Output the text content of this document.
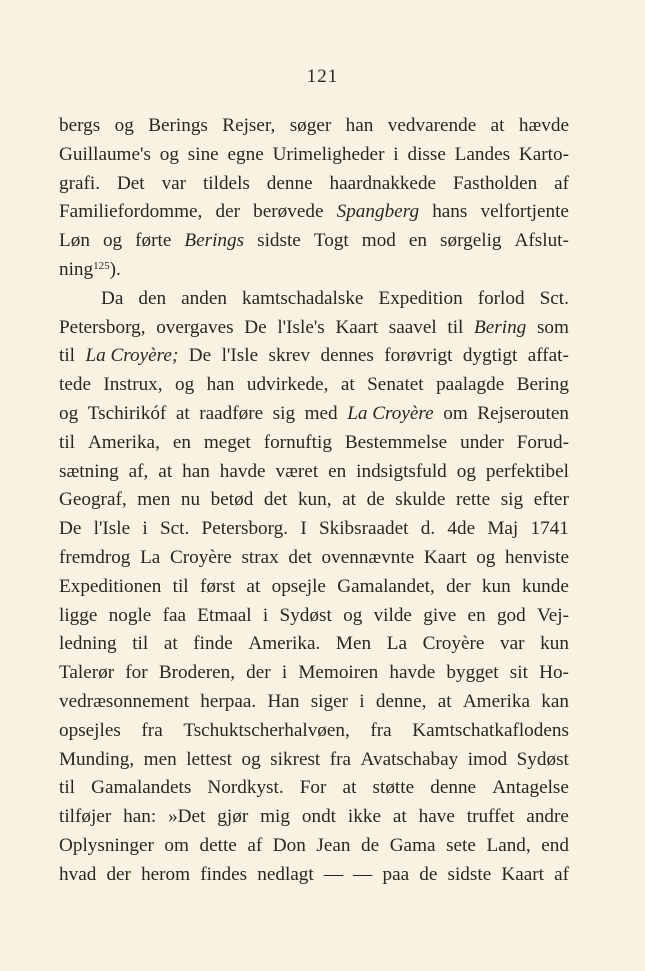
121
bergs og Berings Rejser, søger han vedvarende at hævde
Guillaume's og sine egne Urimeligheder i disse Landes Karto-
grafi. Det var tildels denne haardnakkede Fastholden af
Familiefordomme, der berøvede Spangberg hans velfortjente
Løn og førte Berings sidste Togt mod en sørgelig Afslut-
ning$^{125}$).
Da den anden kamtschadalske Expedition forlod Sct.
Petersborg, overgaves De l'Isle's Kaart saavel til Bering som
til La Croyère; De l'Isle skrev dennes forøvrigt dygtigt affat-
tede Instrux, og han udvirkede, at Senatet paalagde Bering
og Tschirikóf at raadføre sig med La Croyère om Rejserouten
til Amerika, en meget fornuftig Bestemmelse under Forud-
sætning af, at han havde været en indsigtsfuld og perfektibel
Geograf, men nu betød det kun, at de skulde rette sig efter
De l'Isle i Sct. Petersborg. I Skibsraadet d. 4de Maj 1741
fremdrog La Croyère strax det ovennævnte Kaart og henviste
Expeditionen til først at opsejle Gamalandet, der kun kunde
ligge nogle faa Etmaal i Sydøst og vilde give en god Vej-
ledning til at finde Amerika. Men La Croyère var kun
Talerør for Broderen, der i Memoiren havde bygget sit Ho-
vedræsonnement herpaa. Han siger i denne, at Amerika kan
opsejles fra Tschuktscherhalvøen, fra Kamtschatkaflodens
Munding, men lettest og sikrest fra Avatschabay imod Sydøst
til Gamalandets Nordkyst. For at støtte denne Antagelse
tilføjer han: »Det gjør mig ondt ikke at have truffet andre
Oplysninger om dette af Don Jean de Gama sete Land, end
hvad der herom findes nedlagt — — paa de sidste Kaart af
